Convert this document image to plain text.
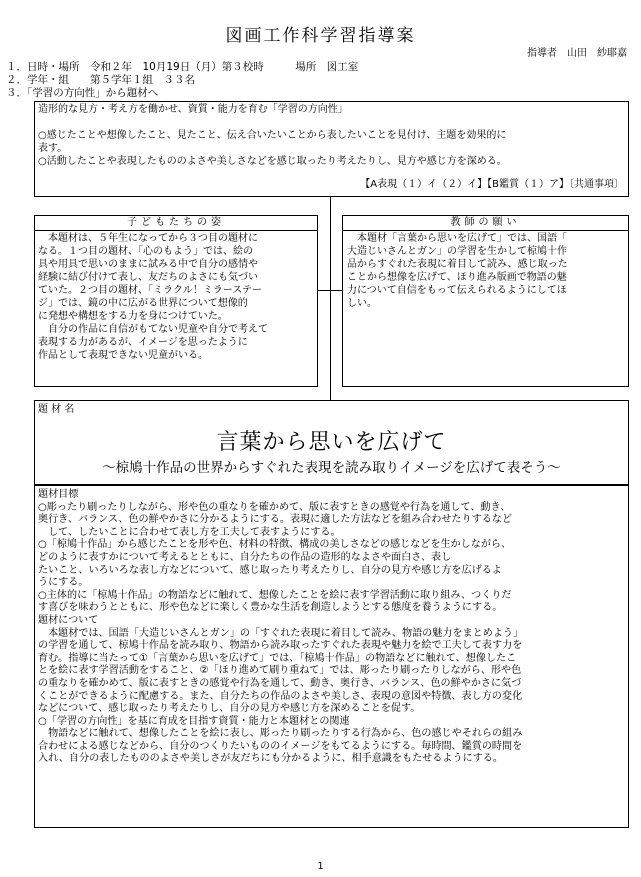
図画工作科学習指導案
指導者　山田　紗耶嘉
１．日時・場所　令和２年　10月19日（月）第３校時　　　場所　図工室
２．学年・組　　第５学年１組　３３名
３．「学習の方向性」から題材へ
造形的な見方・考え方を働かせ、資質・能力を育む「学習の方向性」
○感じたことや想像したこと、見たこと、伝え合いたいことから表したいことを見付け、主題を効果的に
表す。
○活動したことや表現したもののよさや美しさなどを感じ取ったり考えたりし、見方や感じ方を深める。
【A表現（１）イ（２）イ】【B鑑賞（１）ア】〔共通事項〕
子どもたちの姿
　本題材は、５年生になってから３つ目の題材に
なる。１つ目の題材、「心のもよう」では、絵の
具や用具で思いのままに試みる中で自分の感情や
経験に結び付けて表し、友だちのよさにも気づい
ていた。２つ目の題材、「ミラクル！ミラーステー
ジ」では、鏡の中に広がる世界について想像的
に発想や構想をする力を身につけていた。
　自分の作品に自信がもてない児童や自分で考えて
表現する力があるが、イメージを思ったように
作品として表現できない児童がいる。
教師の願い
　本題材「言葉から思いを広げて」では、国語「
大造じいさんとガン」の学習を生かして椋鳩十作
品からすぐれた表現に着目して読み、感じ取った
ことから想像を広げて、ほり進み版画で物語の魅
力について自信をもって伝えられるようにしてほ
しい。
題 材 名
言葉から思いを広げて
～椋鳩十作品の世界からすぐれた表現を読み取りイメージを広げて表そう～
題材目標
○彫ったり刷ったりしながら、形や色の重なりを確かめて、版に表すときの感覚や行為を通して、動き、
奥行き、バランス、色の鮮やかさに分かるようにする。表現に適した方法などを組み合わせたりするなど
　して、したいことに合わせて表し方を工夫して表すようにする。
○「椋鳩十作品」から感じたことを形や色、材料の特徴、構成の美しさなどの感じなどを生かしながら、
どのように表すかについて考えるとともに、自分たちの作品の造形的なよさや面白さ、表し
たいこと、いろいろな表し方などについて、感じ取ったり考えたりし、自分の見方や感じ方を広げるよ
うにする。
○主体的に「椋鳩十作品」の物語などに触れて、想像したことを絵に表す学習活動に取り組み、つくりだ
す喜びを味わうとともに、形や色などに楽しく豊かな生活を創造しようとする態度を養うようにする。
題材について
　本題材では、国語「大造じいさんとガン」の「すぐれた表現に着目して読み、物語の魅力をまとめよう」
の学習を通して、椋鳩十作品を読み取り、物語から読み取ったすぐれた表現や魅力を絵で工夫して表す力を
育む。指導に当たって①「言葉から思いを広げて」では、「椋鳩十作品」の物語などに触れて、想像したこ
とを絵に表す学習活動をすること、②「ほり進めて刷り重ねて」では、彫ったり刷ったりしながら、形や色
の重なりを確かめて、版に表すときの感覚や行為を通して、動き、奥行き、バランス、色の鮮やかさに気づ
くことができるように配慮する。また、自分たちの作品のよさや美しさ、表現の意図や特徴、表し方の変化
などについて、感じ取ったり考えたりし、自分の見方や感じ方を深めることを促す。
○「学習の方向性」を基に育成を目指す資質・能力と本題材との関連
　物語などに触れて、想像したことを絵に表し、彫ったり刷ったりする行為から、色の感じやそれらの組み
合わせによる感じなどから、自分のつくりたいもののイメージをもてるようにする。毎時間、鑑賞の時間を
入れ、自分の表したもののよさや美しさが友だちにも分かるように、相手意識をもたせるようにする。
1
